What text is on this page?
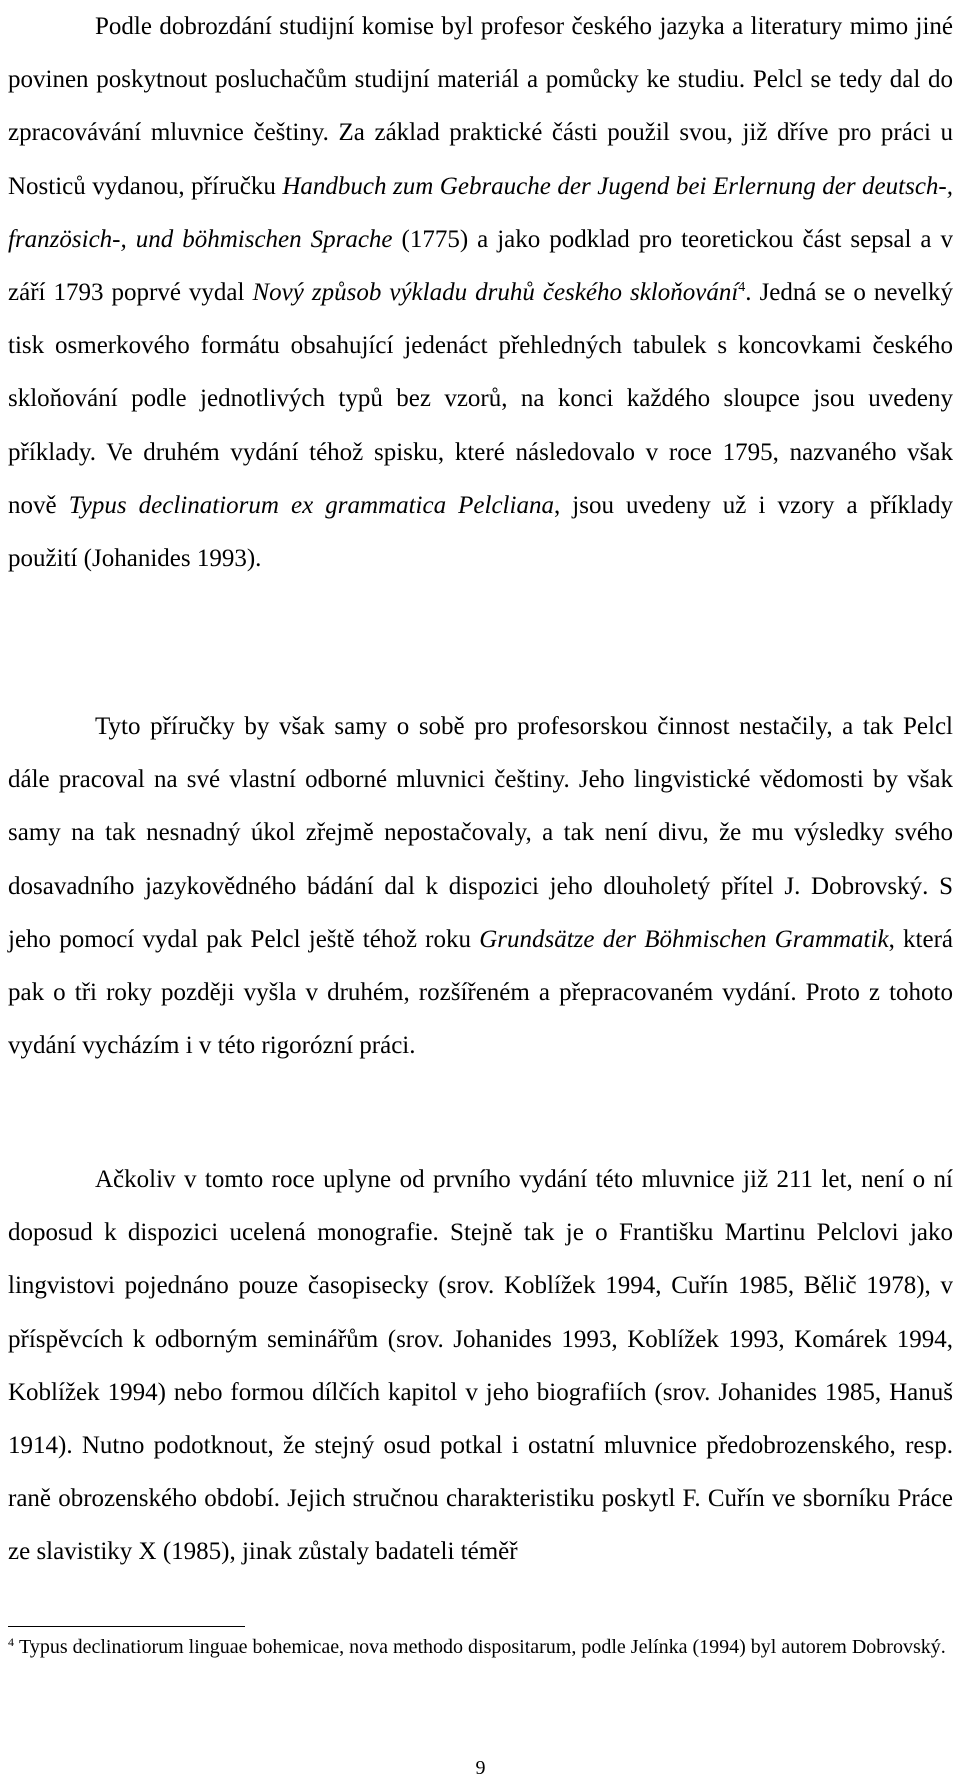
Podle dobrozdání studijní komise byl profesor českého jazyka a literatury mimo jiné povinen poskytnout posluchačům studijní materiál a pomůcky ke studiu. Pelcl se tedy dal do zpracovávání mluvnice češtiny. Za základ praktické části použil svou, již dříve pro práci u Nosticů vydanou, příručku Handbuch zum Gebrauche der Jugend bei Erlernung der deutsch-, französich-, und böhmischen Sprache (1775) a jako podklad pro teoretickou část sepsal a v září 1793 poprvé vydal Nový způsob výkladu druhů českého skloňování$^4$. Jedná se o nevelký tisk osmerkového formátu obsahující jedenáct přehledných tabulek s koncovkami českého skloňování podle jednotlivých typů bez vzorů, na konci každého sloupce jsou uvedeny příklady. Ve druhém vydání téhož spisku, které následovalo v roce 1795, nazvaného však nově Typus declinatiorum ex grammatica Pelcliana, jsou uvedeny už i vzory a příklady použití (Johanides 1993).

Tyto příručky by však samy o sobě pro profesorskou činnost nestačily, a tak Pelcl dále pracoval na své vlastní odborné mluvnici češtiny. Jeho lingvistické vědomosti by však samy na tak nesnadný úkol zřejmě nepostačovaly, a tak není divu, že mu výsledky svého dosavadního jazykovědného bádání dal k dispozici jeho dlouholetý přítel J. Dobrovský. S jeho pomocí vydal pak Pelcl ještě téhož roku Grundsätze der Böhmischen Grammatik, která pak o tři roky později vyšla v druhém, rozšířeném a přepracovaném vydání. Proto z tohoto vydání vycházím i v této rigorózní práci.

Ačkoliv v tomto roce uplyne od prvního vydání této mluvnice již 211 let, není o ní doposud k dispozici ucelená monografie. Stejně tak je o Františku Martinu Pelclovi jako lingvistovi pojednáno pouze časopisecky (srov. Koblížek 1994, Cuřín 1985, Bělič 1978), v příspěvcích k odborným seminářům (srov. Johanides 1993, Koblížek 1993, Komárek 1994, Koblížek 1994) nebo formou dílčích kapitol v jeho biografiích (srov. Johanides 1985, Hanuš 1914). Nutno podotknout, že stejný osud potkal i ostatní mluvnice předobrozenského, resp. raně obrozenského období. Jejich stručnou charakteristiku poskytl F. Cuřín ve sborníku Práce ze slavistiky X (1985), jinak zůstaly badateli téměř

$^4$ Typus declinatiorum linguae bohemicae, nova methodo dispositarum, podle Jelínka (1994) byl autorem Dobrovský.

9
